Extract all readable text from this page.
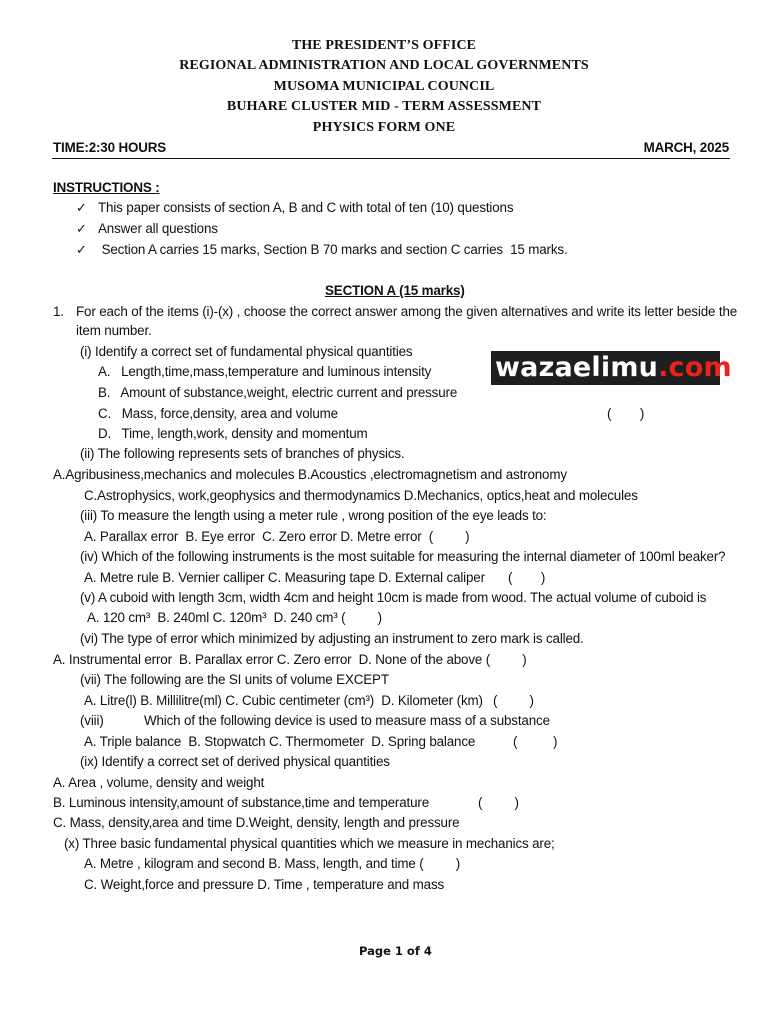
THE PRESIDENT’S OFFICE
REGIONAL ADMINISTRATION AND LOCAL GOVERNMENTS
MUSOMA MUNICIPAL COUNCIL
BUHARE CLUSTER MID - TERM ASSESSMENT
PHYSICS FORM ONE
TIME:2:30 HOURS	MARCH, 2025
INSTRUCTIONS :
✓ This paper consists of section A, B and C with total of ten (10) questions
✓ Answer all questions
✓ Section A carries 15 marks, Section B 70 marks and section C carries  15 marks.
SECTION A (15 marks)
1. For each of the items (i)-(x) , choose the correct answer among the given alternatives and write its letter beside the
item number.
(i) Identify a correct set of fundamental physical quantities
A.   Length,time,mass,temperature and luminous intensity
B.   Amount of substance,weight, electric current and pressure
C.   Mass, force,density, area and volume	(        )
D.   Time, length,work, density and momentum
(ii) The following represents sets of branches of physics.
A.Agribusiness,mechanics and molecules B.Acoustics ,electromagnetism and astronomy
C.Astrophysics, work,geophysics and thermodynamics D.Mechanics, optics,heat and molecules
(iii) To measure the length using a meter rule , wrong position of the eye leads to:
A. Parallax error  B. Eye error  C. Zero error D. Metre error  (         )
(iv) Which of the following instruments is the most suitable for measuring the internal diameter of 100ml beaker?
A. Metre rule B. Vernier calliper C. Measuring tape D. External caliper (        )
(v) A cuboid with length 3cm, width 4cm and height 10cm is made from wood. The actual volume of cuboid is
A. 120 cm³  B. 240ml C. 120m³  D. 240 cm³ (         )
(vi) The type of error which minimized by adjusting an instrument to zero mark is called.
A. Instrumental error  B. Parallax error C. Zero error  D. None of the above (         )
(vii) The following are the SI units of volume EXCEPT
A. Litre(l) B. Millilitre(ml) C. Cubic centimeter (cm³)  D. Kilometer (km) (         )
(viii)	Which of the following device is used to measure mass of a substance
A. Triple balance  B. Stopwatch C. Thermometer  D. Spring balance	(          )
(ix) Identify a correct set of derived physical quantities
A. Area , volume, density and weight
B. Luminous intensity,amount of substance,time and temperature	(         )
C. Mass, density,area and time D.Weight, density, length and pressure
(x) Three basic fundamental physical quantities which we measure in mechanics are;
A. Metre , kilogram and second B. Mass, length, and time (         )
C. Weight,force and pressure D. Time , temperature and mass
wazaelimu.com
Page 1 of 4
